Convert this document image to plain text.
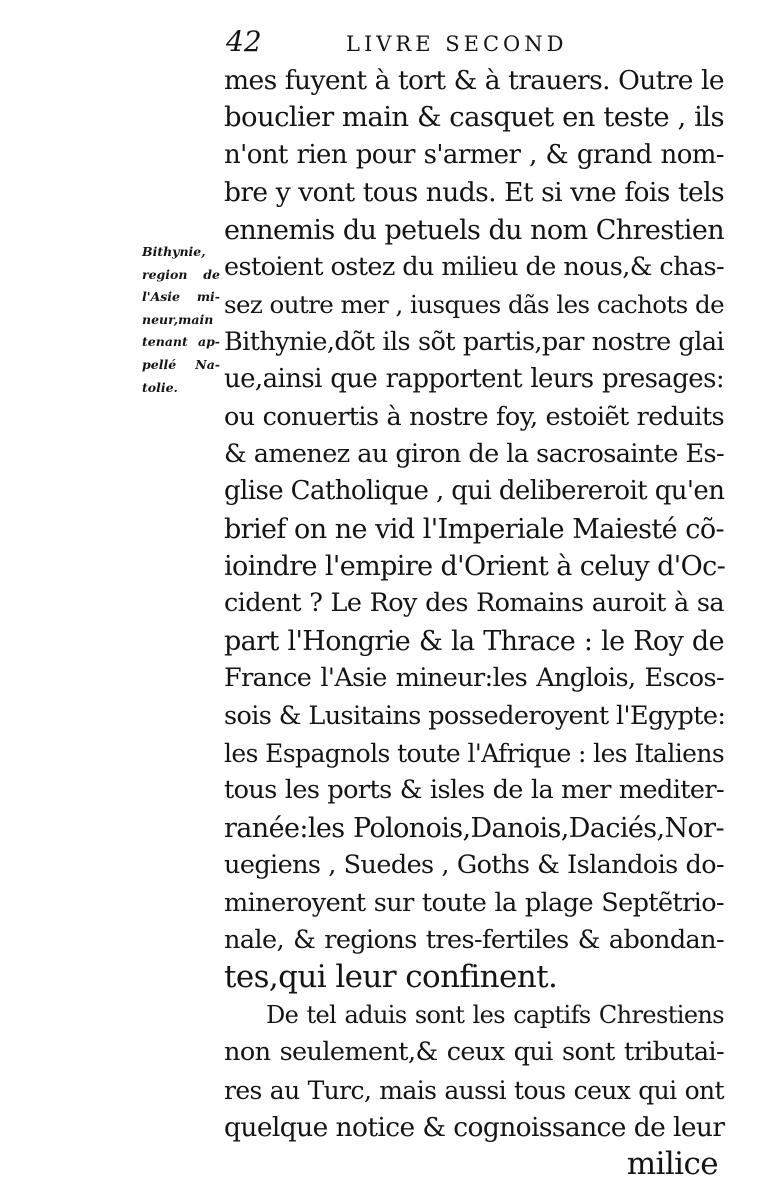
42	LIVRE SECOND
Bithynie,
region de
l'Asie mi-
neur,main
tenant ap-
pellé Na-
tolie.
mes fuyent à tort & à trauers. Outre le
bouclier main & casquet en teste , ils
n'ont rien pour s'armer , & grand nom-
bre y vont tous nuds. Et si vne fois tels
ennemis du petuels du nom Chrestien
estoient ostez du milieu de nous,& chas-
sez outre mer , iusques dãs les cachots de
Bithynie,dõt ils sõt partis,par nostre glai
ue,ainsi que rapportent leurs presages:
ou conuertis à nostre foy, estoiẽt reduits
& amenez au giron de la sacrosainte Es-
glise Catholique , qui delibereroit qu'en
brief on ne vid l'Imperiale Maiesté cõ-
ioindre l'empire d'Orient à celuy d'Oc-
cident ? Le Roy des Romains auroit à sa
part l'Hongrie & la Thrace : le Roy de
France l'Asie mineur:les Anglois, Escos-
sois & Lusitains possederoyent l'Egypte:
les Espagnols toute l'Afrique : les Italiens
tous les ports & isles de la mer mediter-
ranée:les Polonois,Danois,Daciés,Nor-
uegiens , Suedes , Goths & Islandois do-
mineroyent sur toute la plage Septẽtrio-
nale, & regions tres-fertiles & abondan-
tes,qui leur confinent.
De tel aduis sont les captifs Chrestiens
non seulement,& ceux qui sont tributai-
res au Turc, mais aussi tous ceux qui ont
quelque notice & cognoissance de leur
milice
